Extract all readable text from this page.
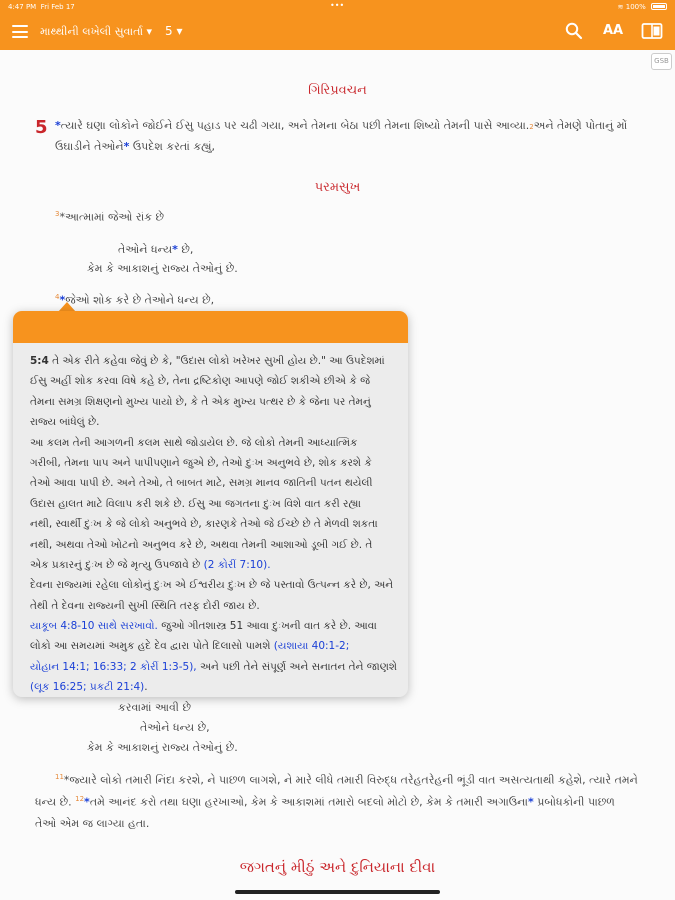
4:47 PM Fri Feb 17	•••	≋ 100%
માથ્થીની લખેલી સુવાર્તા ▾ 5 ▾	AA
GSB
ગિરિપ્રવચન
5 *ત્યારે ઘણા લોકોને જોઈને ઈસુ પહાડ પર ચઢી ગયા, અને તેમના બેઠા પછી તેમના શિષ્યો તેમની પાસે આવ્યા.2અને તેમણે પોતાનું મોં
ઉઘાડીને તેઓને* ઉપદેશ કરતાં કહ્યું,
પરમસુખ
$^3$*આત્મામાં જેઓ રાંક છે
તેઓને ધન્ય* છે,
કેમ કે આકાશનું રાજ્ય તેઓનું છે.
$^4$*જેઓ શોક કરે છે તેઓને ધન્ય છે,
કરવામાં આવી છે
તેઓને ધન્ય છે,
કેમ કે આકાશનું રાજ્ય તેઓનું છે.
$^{11}$*જ્યારે લોકો તમારી નિંદા કરશે, ને પાછળ લાગશે, ને મારે લીધે તમારી વિરુદ્ધ તરેહતરેહની ભૂંડી વાત અસત્યતાથી કહેશે, ત્યારે તમને
ધન્ય છે. $^{12}$*તમે આનંદ કરો તથા ઘણા હરખાઓ, કેમ કે આકાશમાં તમારો બદલો મોટો છે, કેમ કે તમારી અગાઉના* પ્રબોધકોની પાછળ
તેઓ એમ જ લાગ્યા હતા.
જગતનું મીઠું અને દુનિયાના દીવા
5:4 તે એક રીતે કહેવા જેવું છે કે, "ઉદાસ લોકો ખરેખર સુખી હોય છે." આ ઉપદેશમાં
ઈસુ અહીં શોક કરવા વિષે કહે છે, તેના દ્રષ્ટિકોણ આપણે જોઈ શકીએ છીએ કે જે
તેમના સમગ્ર શિક્ષણનો મુખ્ય પાયો છે, કે તે એક મુખ્ય પત્થર છે કે જેના પર તેમનું
રાજ્ય બાંધેલું છે.
આ કલમ તેની આગળની કલમ સાથે જોડાયેલ છે. જે લોકો તેમની આધ્યાત્મિક
ગરીબી, તેમના પાપ અને પાપીપણાને જુએ છે, તેઓ દુઃખ અનુભવે છે, શોક કરશે કે
તેઓ આવા પાપી છે. અને તેઓ, તે બાબત માટે, સમગ્ર માનવ જાતિની પતન થયેલી
ઉદાસ હાલત માટે વિલાપ કરી શકે છે. ઈસુ આ જગતના દુઃખ વિશે વાત કરી રહ્યા
નથી, સ્વાર્થી દુઃખ કે જે લોકો અનુભવે છે, કારણકે તેઓ જે ઈચ્છે છે તે મેળવી શકતા
નથી, અથવા તેઓ ખોટનો અનુભવ કરે છે, અથવા તેમની આશાઓ ડૂબી ગઈ છે. તે
એક પ્રકારનું દુઃખ છે જે મૃત્યુ ઉપજાવે છે (2 કોરીં 7:10).
દેવના રાજ્યમાં રહેલા લોકોનું દુઃખ એ ઈશ્વરીય દુઃખ છે જે પસ્તાવો ઉત્પન્ન કરે છે, અને
તેથી તે દેવના રાજ્યની સુખી સ્થિતિ તરફ દોરી જાય છે.
યાકૂબ 4:8-10 સાથે સરખાવો. જુઓ ગીતશાસ્ત્ર 51 આવા દુઃખની વાત કરે છે. આવા
લોકો આ સમયમાં અમુક હદે દેવ દ્વારા પોતે દિલાસો પામશે (યશાયા 40:1-2;
યોહાન 14:1; 16:33; 2 કોરીં 1:3-5), અને પછી તેને સંપૂર્ણ અને સનાતન તેને જાણશે
(લૂક 16:25; પ્રકટી 21:4).
